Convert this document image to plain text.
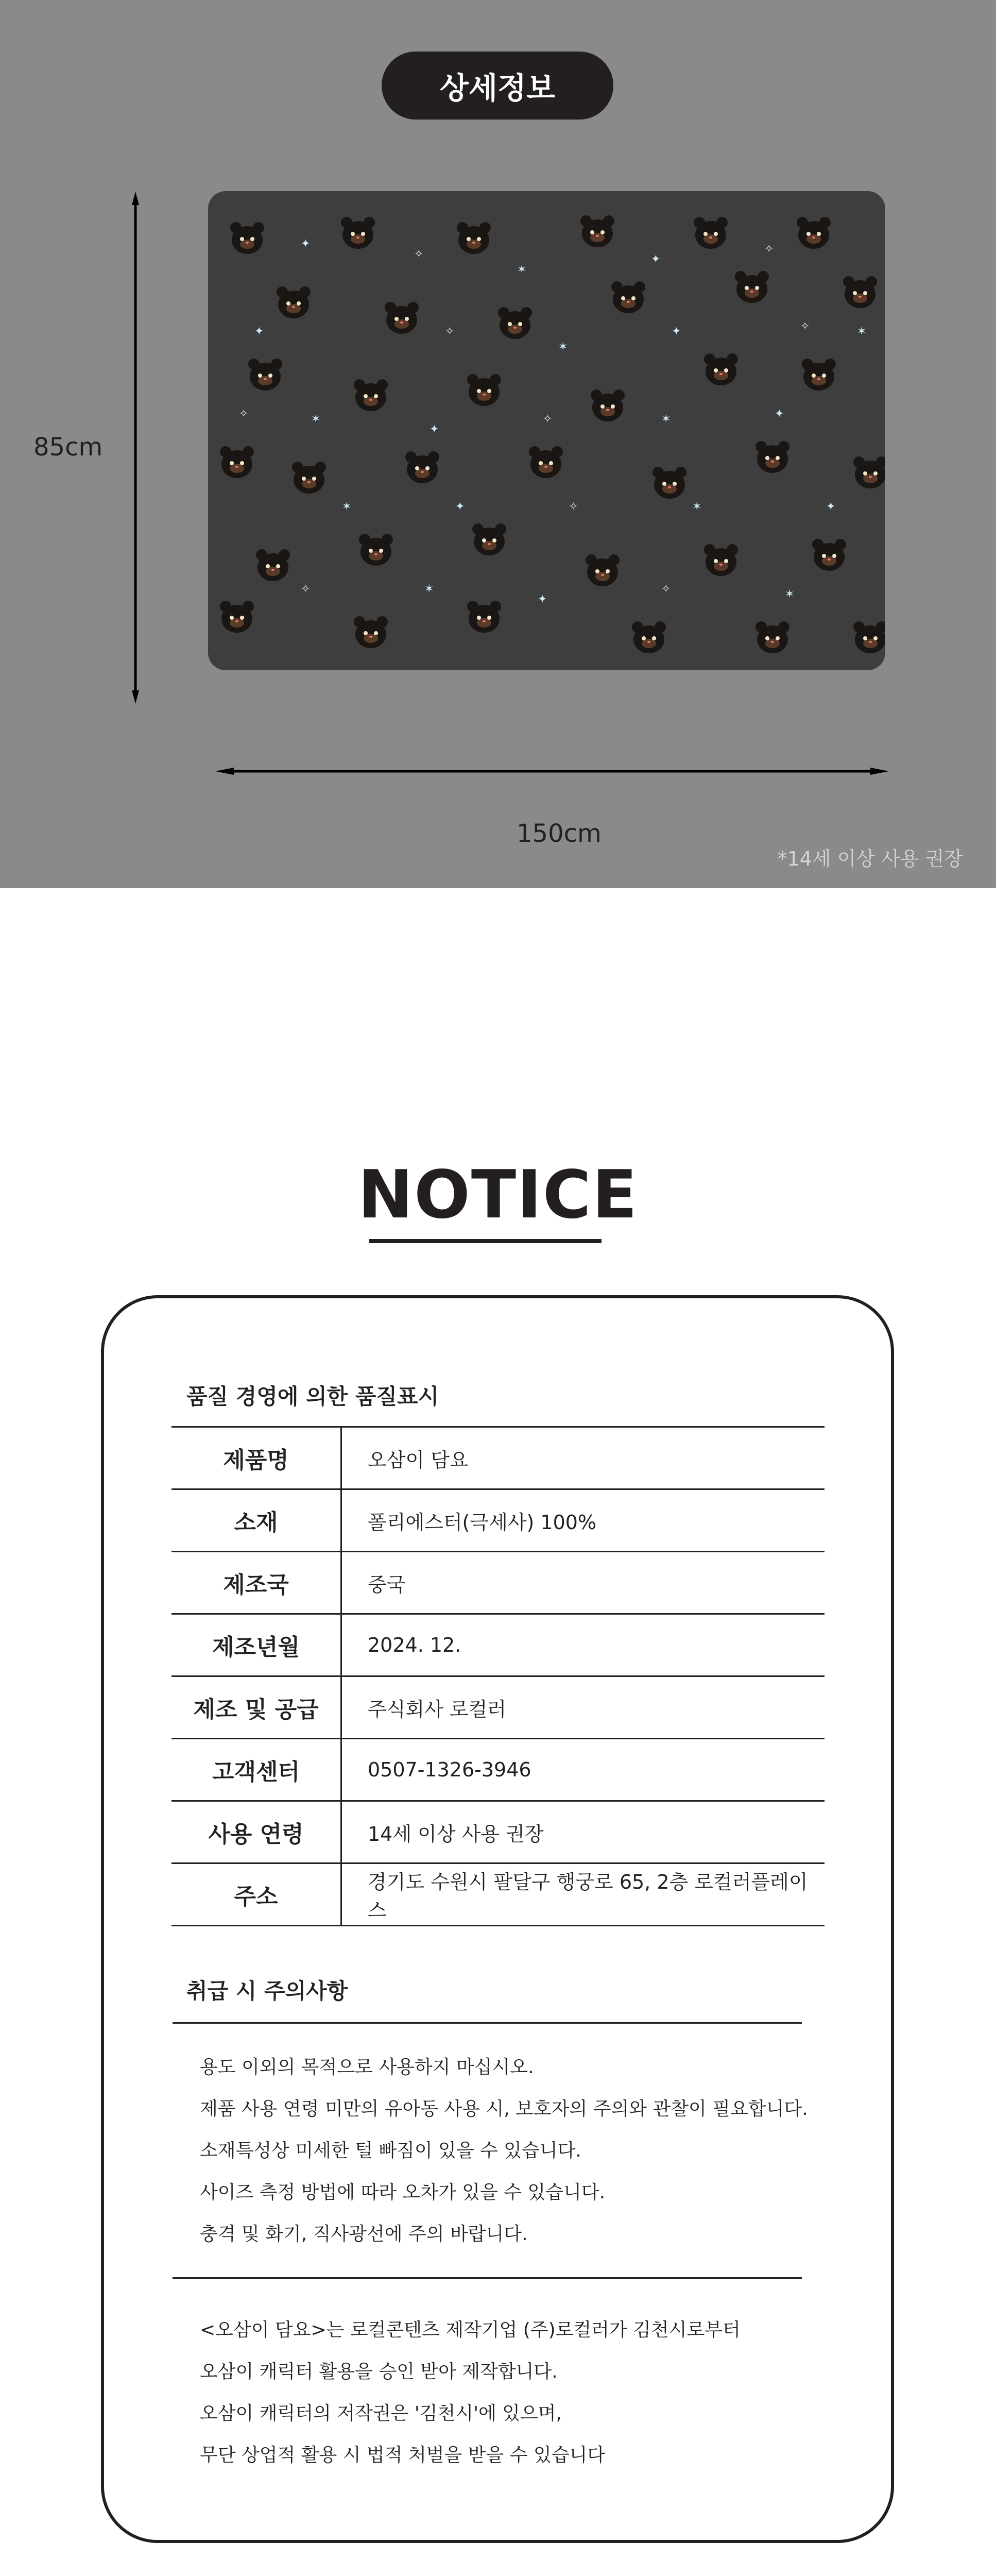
상세정보
✦
✧
✶
✦
✧
✶
✦	✧
✶
✦	✧
✶
✦
✧	✶	✦
✧
✶	✦	✧	✶	✦
✧	✶
✦
✧	✶
85cm
150cm
*14세 이상 사용 권장
NOTICE
품질 경영에 의한 품질표시
제품명	오삼이 담요
소재	폴리에스터(극세사) 100%
제조국	중국
제조년월	2024. 12.
제조 및 공급	주식회사 로컬러
고객센터	0507-1326-3946
사용 연령	14세 이상 사용 권장
주소	경기도 수원시 팔달구 행궁로 65, 2층 로컬러플레이스
취급 시 주의사항
용도 이외의 목적으로 사용하지 마십시오.
제품 사용 연령 미만의 유아동 사용 시, 보호자의 주의와 관찰이 필요합니다.
소재특성상 미세한 털 빠짐이 있을 수 있습니다.
사이즈 측정 방법에 따라 오차가 있을 수 있습니다.
충격 및 화기, 직사광선에 주의 바랍니다.
<오삼이 담요>는 로컬콘텐츠 제작기업 (주)로컬러가 김천시로부터
오삼이 캐릭터 활용을 승인 받아 제작합니다.
오삼이 캐릭터의 저작권은 '김천시'에 있으며,
무단 상업적 활용 시 법적 처벌을 받을 수 있습니다
